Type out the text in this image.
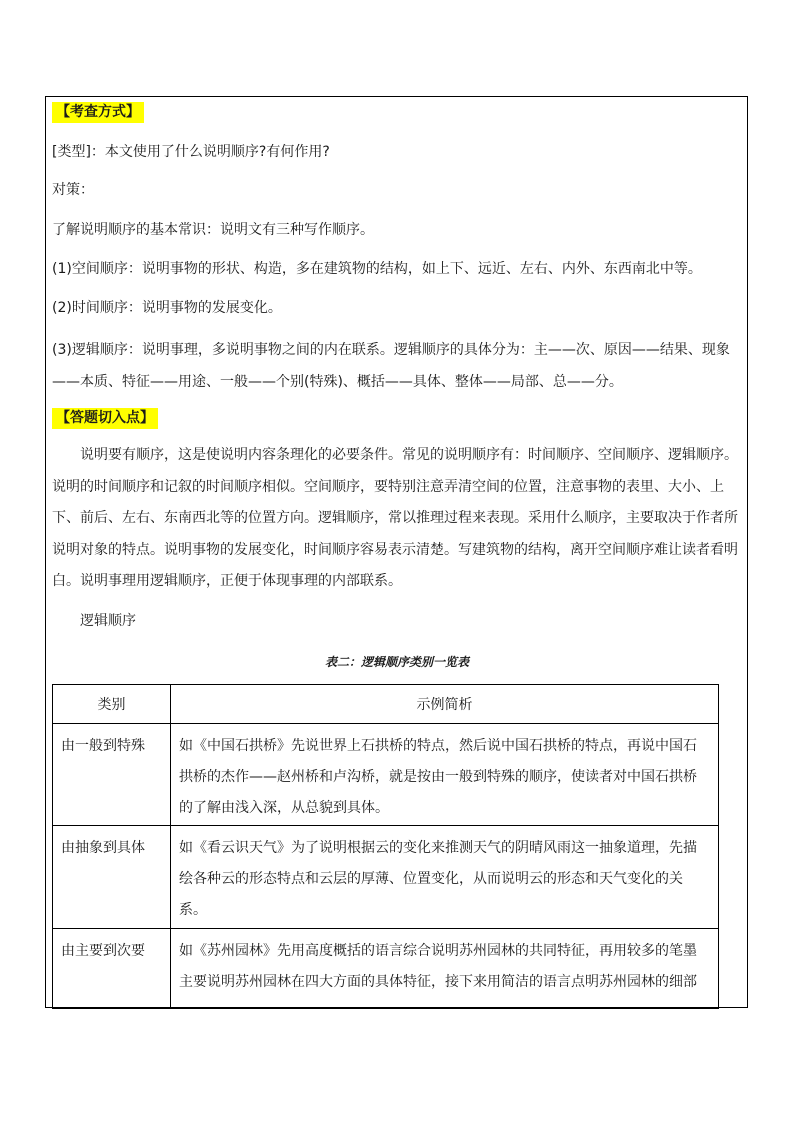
【考查方式】
[类型]：本文使用了什么说明顺序?有何作用?
对策：
了解说明顺序的基本常识：说明文有三种写作顺序。
(1)空间顺序：说明事物的形状、构造，多在建筑物的结构，如上下、远近、左右、内外、东西南北中等。
(2)时间顺序：说明事物的发展变化。
(3)逻辑顺序：说明事理，多说明事物之间的内在联系。逻辑顺序的具体分为：主——次、原因——结果、现象——本质、特征——用途、一般——个别(特殊)、概括——具体、整体——局部、总——分。
【答题切入点】
说明要有顺序，这是使说明内容条理化的必要条件。常见的说明顺序有：时间顺序、空间顺序、逻辑顺序。说明的时间顺序和记叙的时间顺序相似。空间顺序，要特别注意弄清空间的位置，注意事物的表里、大小、上下、前后、左右、东南西北等的位置方向。逻辑顺序，常以推理过程来表现。采用什么顺序，主要取决于作者所说明对象的特点。说明事物的发展变化，时间顺序容易表示清楚。写建筑物的结构，离开空间顺序难让读者看明白。说明事理用逻辑顺序，正便于体现事理的内部联系。
逻辑顺序
表二：逻辑顺序类别一览表
类别	示例简析
由一般到特殊	如《中国石拱桥》先说世界上石拱桥的特点，然后说中国石拱桥的特点，再说中国石拱桥的杰作——赵州桥和卢沟桥，就是按由一般到特殊的顺序，使读者对中国石拱桥的了解由浅入深，从总貌到具体。
由抽象到具体	如《看云识天气》为了说明根据云的变化来推测天气的阴晴风雨这一抽象道理，先描绘各种云的形态特点和云层的厚薄、位置变化，从而说明云的形态和天气变化的关系。
由主要到次要	如《苏州园林》先用高度概括的语言综合说明苏州园林的共同特征，再用较多的笔墨主要说明苏州园林在四大方面的具体特征，接下来用简洁的语言点明苏州园林的细部
